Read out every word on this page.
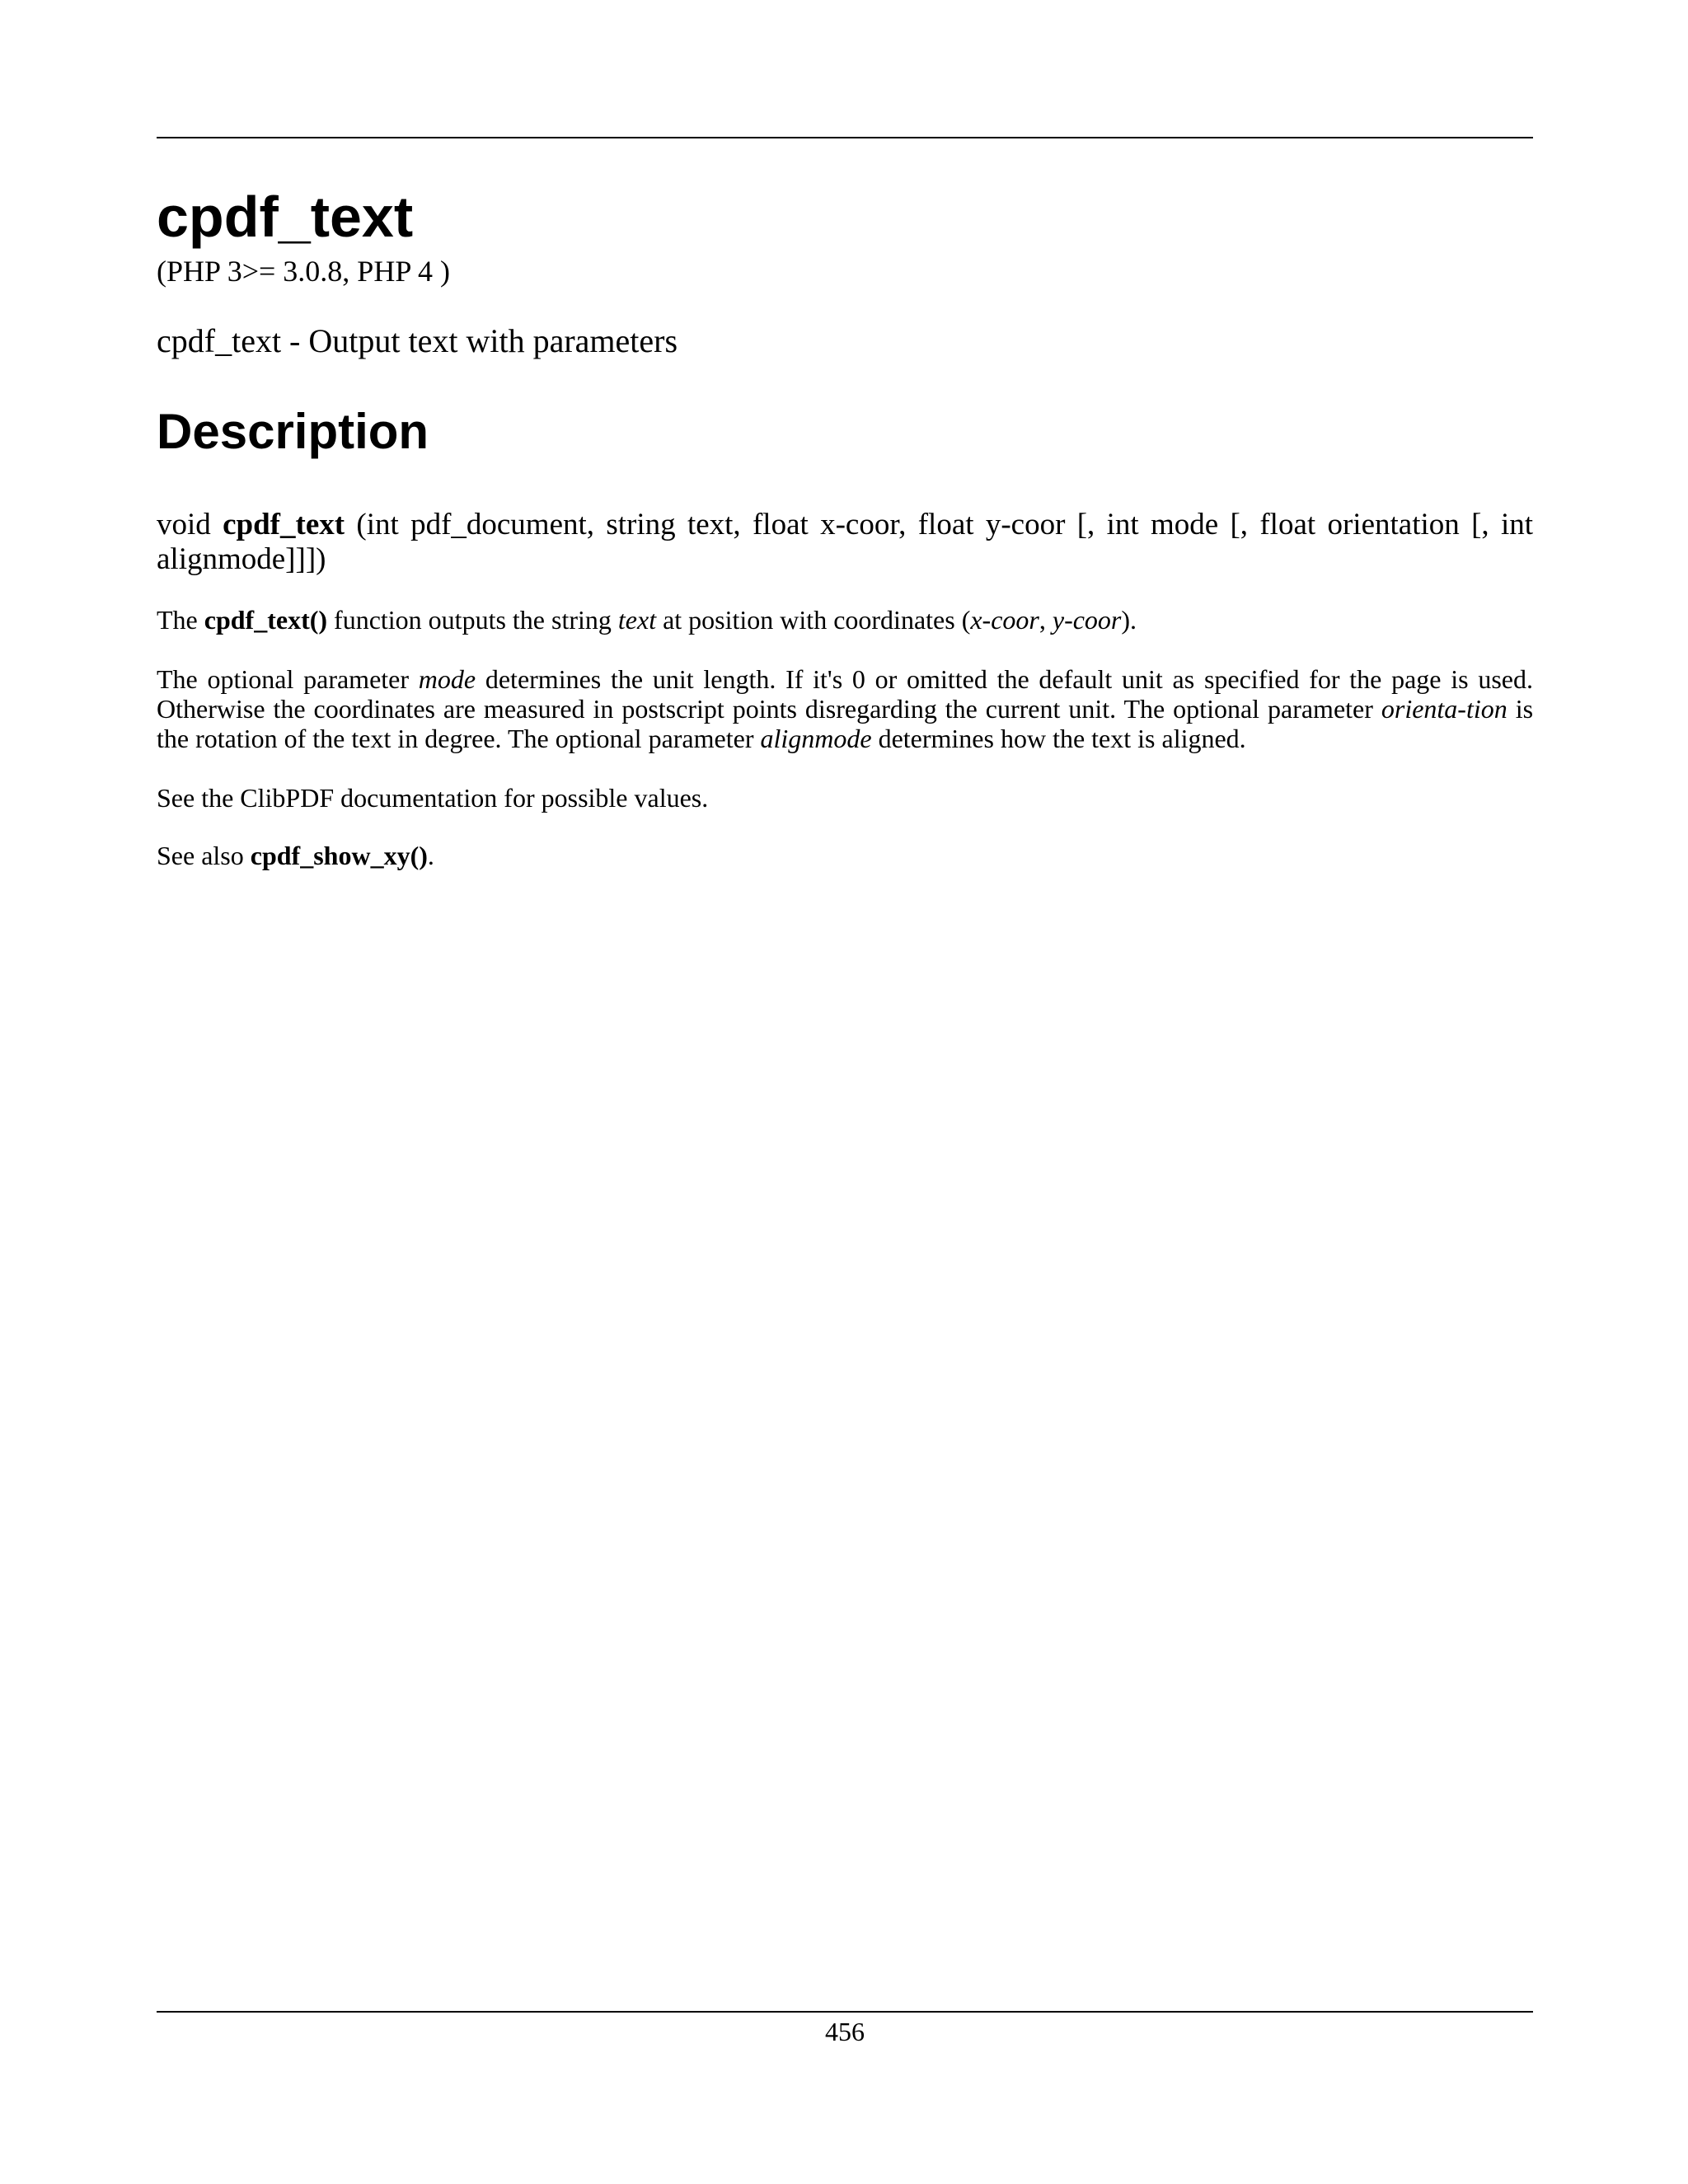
cpdf_text
(PHP 3>= 3.0.8, PHP 4 )
cpdf_text - Output text with parameters
Description
void cpdf_text (int pdf_document, string text, float x-coor, float y-coor [, int mode [, float orientation [, int alignmode]]])

The cpdf_text() function outputs the string text at position with coordinates (x-coor, y-coor).

The optional parameter mode determines the unit length. If it's 0 or omitted the default unit as specified for the page is used. Otherwise the coordinates are measured in postscript points disregarding the current unit. The optional parameter orienta-tion is the rotation of the text in degree. The optional parameter alignmode determines how the text is aligned.

See the ClibPDF documentation for possible values.

See also cpdf_show_xy().

456
